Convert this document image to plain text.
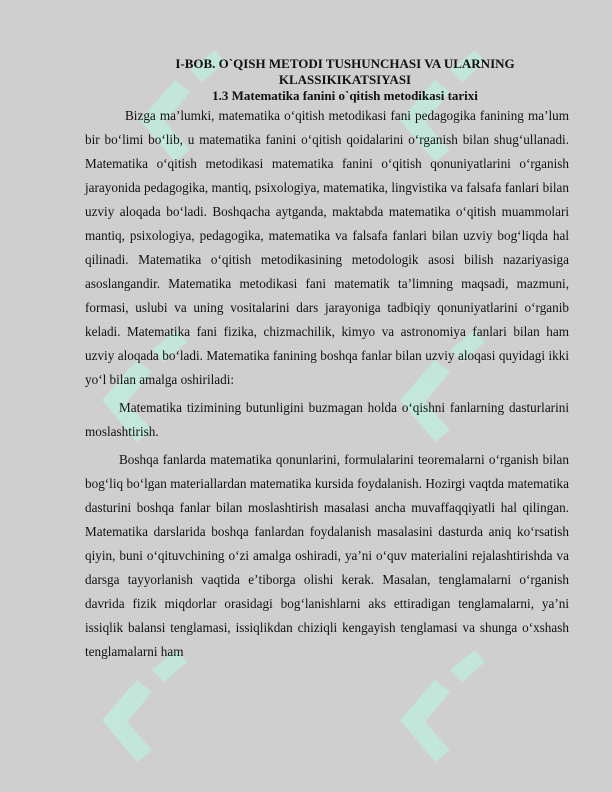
I-BOB. O`QISH METODI TUSHUNCHASI VA ULARNING KLASSIKIKATSIYASI
1.3 Matematika fanini o`qitish metodikasi tarixi

Bizga maʼlumki, matematika oʻqitish metodikasi fani pedagogika fanining maʼlum bir boʻlimi boʻlib, u matematika fanini oʻqitish qoidalarini oʻrganish bilan shugʻullanadi. Matematika oʻqitish metodikasi matematika fanini oʻqitish qonuniyatlarini oʻrganish jarayonida pedagogika, mantiq, psixologiya, matematika, lingvistika va falsafa fanlari bilan uzviy aloqada boʻladi. Boshqacha aytganda, maktabda matematika oʻqitish muammolari mantiq, psixologiya, pedagogika, matematika va falsafa fanlari bilan uzviy bogʻliqda hal qilinadi. Matematika oʻqitish metodikasining metodologik asosi bilish nazariyasiga asoslangandir. Matematika metodikasi fani matematik taʼlimning maqsadi, mazmuni, formasi, uslubi va uning vositalarini dars jarayoniga tadbiqiy qonuniyatlarini oʻrganib keladi. Matematika fani fizika, chizmachilik, kimyo va astronomiya fanlari bilan ham uzviy aloqada boʻladi. Matematika fanining boshqa fanlar bilan uzviy aloqasi quyidagi ikki yoʻl bilan amalga oshiriladi:

Matematika tizimining butunligini buzmagan holda oʻqishni fanlarning dasturlarini moslashtirish.

Boshqa fanlarda matematika qonunlarini, formulalarini teoremalarni oʻrganish bilan bogʻliq boʻlgan materiallardan matematika kursida foydalanish. Hozirgi vaqtda matematika dasturini boshqa fanlar bilan moslashtirish masalasi ancha muvaffaqqiyatli hal qilingan. Matematika darslarida boshqa fanlardan foydalanish masalasini dasturda aniq koʻrsatish qiyin, buni oʻqituvchining oʻzi amalga oshiradi, yaʼni oʻquv materialini rejalashtirishda va darsga tayyorlanish vaqtida eʼtiborga olishi kerak. Masalan, tenglamalarni oʻrganish davrida fizik miqdorlar orasidagi bogʻlanishlarni aks ettiradigan tenglamalarni, yaʼni issiqlik balansi tenglamasi, issiqlikdan chiziqli kengayish tenglamasi va shunga oʻxshash tenglamalarni ham
